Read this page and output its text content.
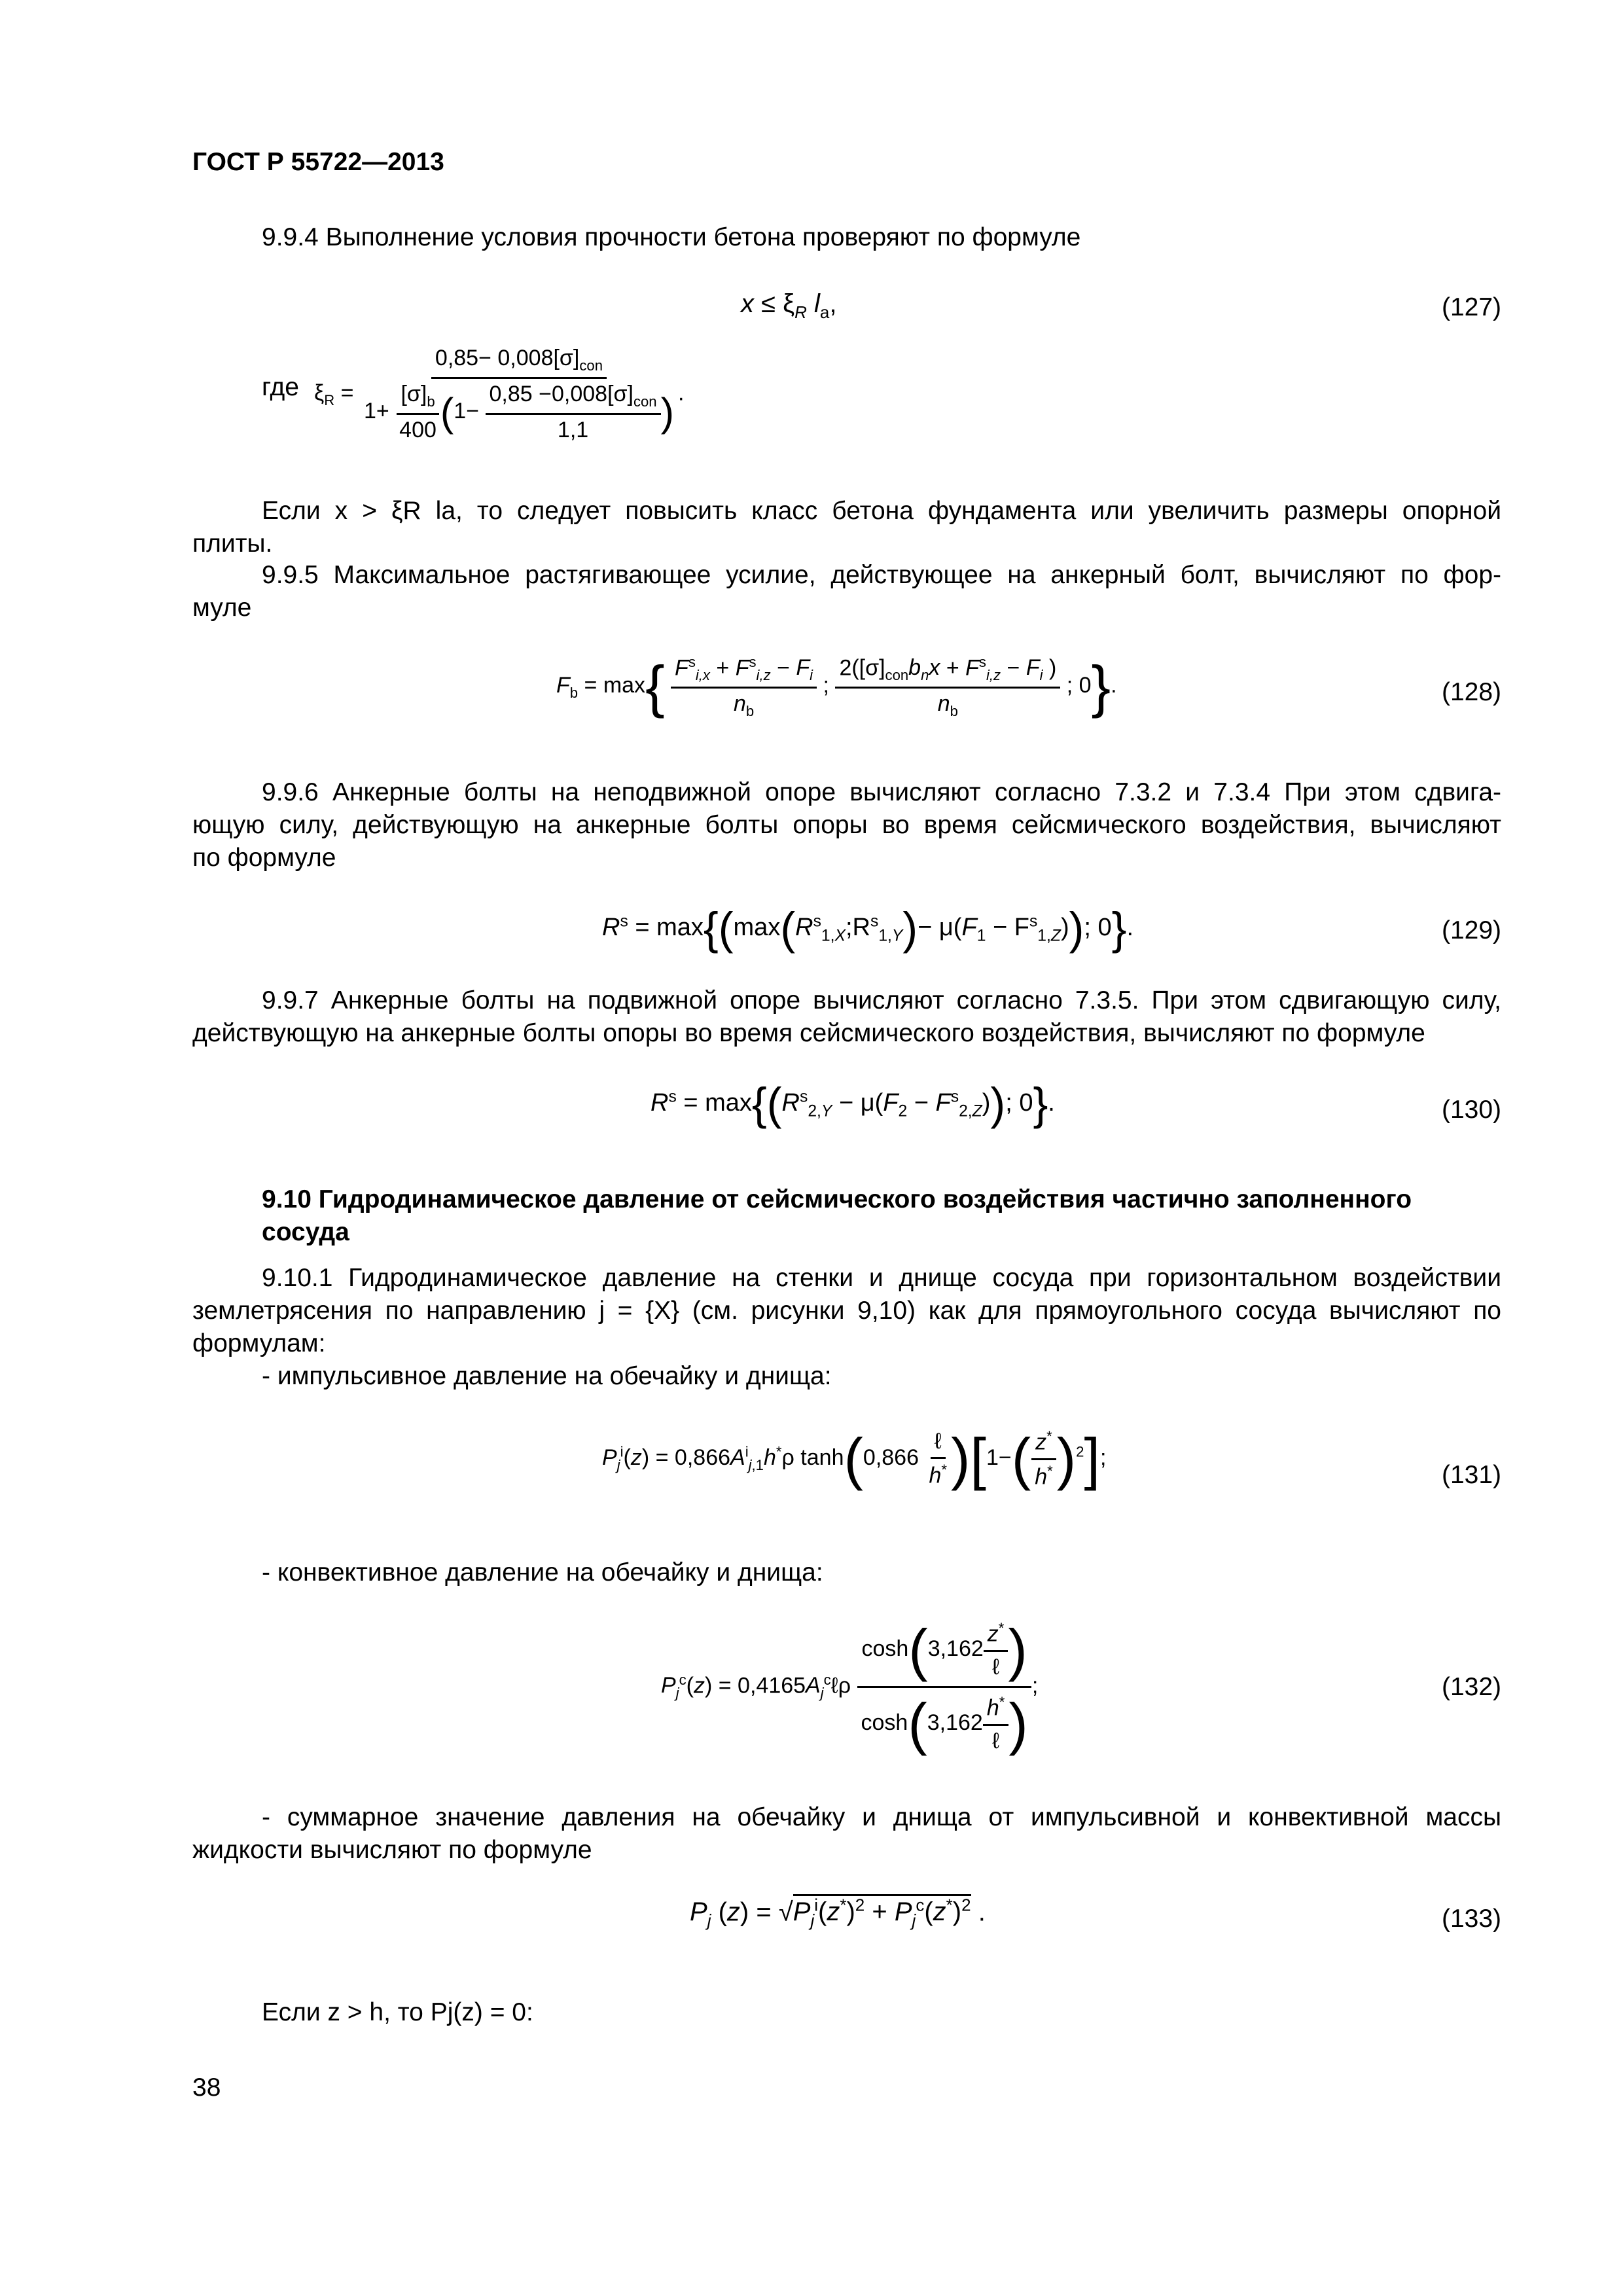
ГОСТ Р 55722—2013
9.9.4 Выполнение условия прочности бетона проверяют по формуле
$x \le \xi_R$ $l_a$,	(127)
где $\xi_R = \frac{0,85- 0,008[\sigma]_{con}}{1+ \frac{[\sigma]_b}{400} (1- \frac{0,85 -0,008[\sigma]_{con}}{1,1} )}$ .
Если x > ξR la, то следует повысить класс бетона фундамента или увеличить размеры опорной
плиты.
9.9.5 Максимальное растягивающее усилие, действующее на анкерный болт, вычисляют по фор-
муле
$F_b = \max\{ \frac{F^s_{i,x} + F^s_{i,z} - F_i}{n_b}$ ; $\frac{2([\sigma]_{con}b_nx + F^s_{i,z} - F_i )}{n_b}$ ; 0}.	(128)
9.9.6 Анкерные болты на неподвижной опоре вычисляют согласно 7.3.2 и 7.3.4 При этом сдвига-
ющую силу, действующую на анкерные болты опоры во время сейсмического воздействия, вычисляют
по формуле
$R^s$ = $\max\{(\max(R^s_{1,X};R^s_{1,Y})- \mu(F_1 - F^s_{1,Z}))$; 0}.	(129)
9.9.7 Анкерные болты на подвижной опоре вычисляют согласно 7.3.5. При этом сдвигающую силу,
действующую на анкерные болты опоры во время сейсмического воздействия, вычисляют по формуле
$R^s = \max\{(R^s_{2,Y} - \mu(F_2 - F^s_{2,Z}))$; 0}.	(130)
9.10 Гидродинамическое давление от сейсмического воздействия частично заполненного
сосуда
9.10.1 Гидродинамическое давление на стенки и днище сосуда при горизонтальном воздействии
землетрясения по направлению j = {X} (см. рисунки 9,10) как для прямоугольного сосуда вычисляют по
формулам:
- импульсивное давление на обечайку и днища:
$P_j^i(z) = 0,866A^i_{j,1}h^*\rho$ $\tanh(0,866 \frac{\text{ℓ}}{h^*} )[1-( \frac{z^*}{h^*} )^2]$;
(131)
- конвективное давление на обечайку и днища:
$P_j^c(z)$ = $0,4165A_j^c\ell\rho \frac{\cosh(3,162 \frac{z^*}{\text{ℓ}} )}{\cosh(3,162 \frac{h^*}{\text{ℓ}} )}$ ;	(132)
- суммарное значение давления на обечайку и днища от импульсивной и конвективной массы
жидкости вычисляют по формуле
$P_j$ $(z) = √P_j^i(z^*)^2 + P_j^c(z^*)^2$ .	(133)
Если z > h, то Pj(z) = 0:
38
